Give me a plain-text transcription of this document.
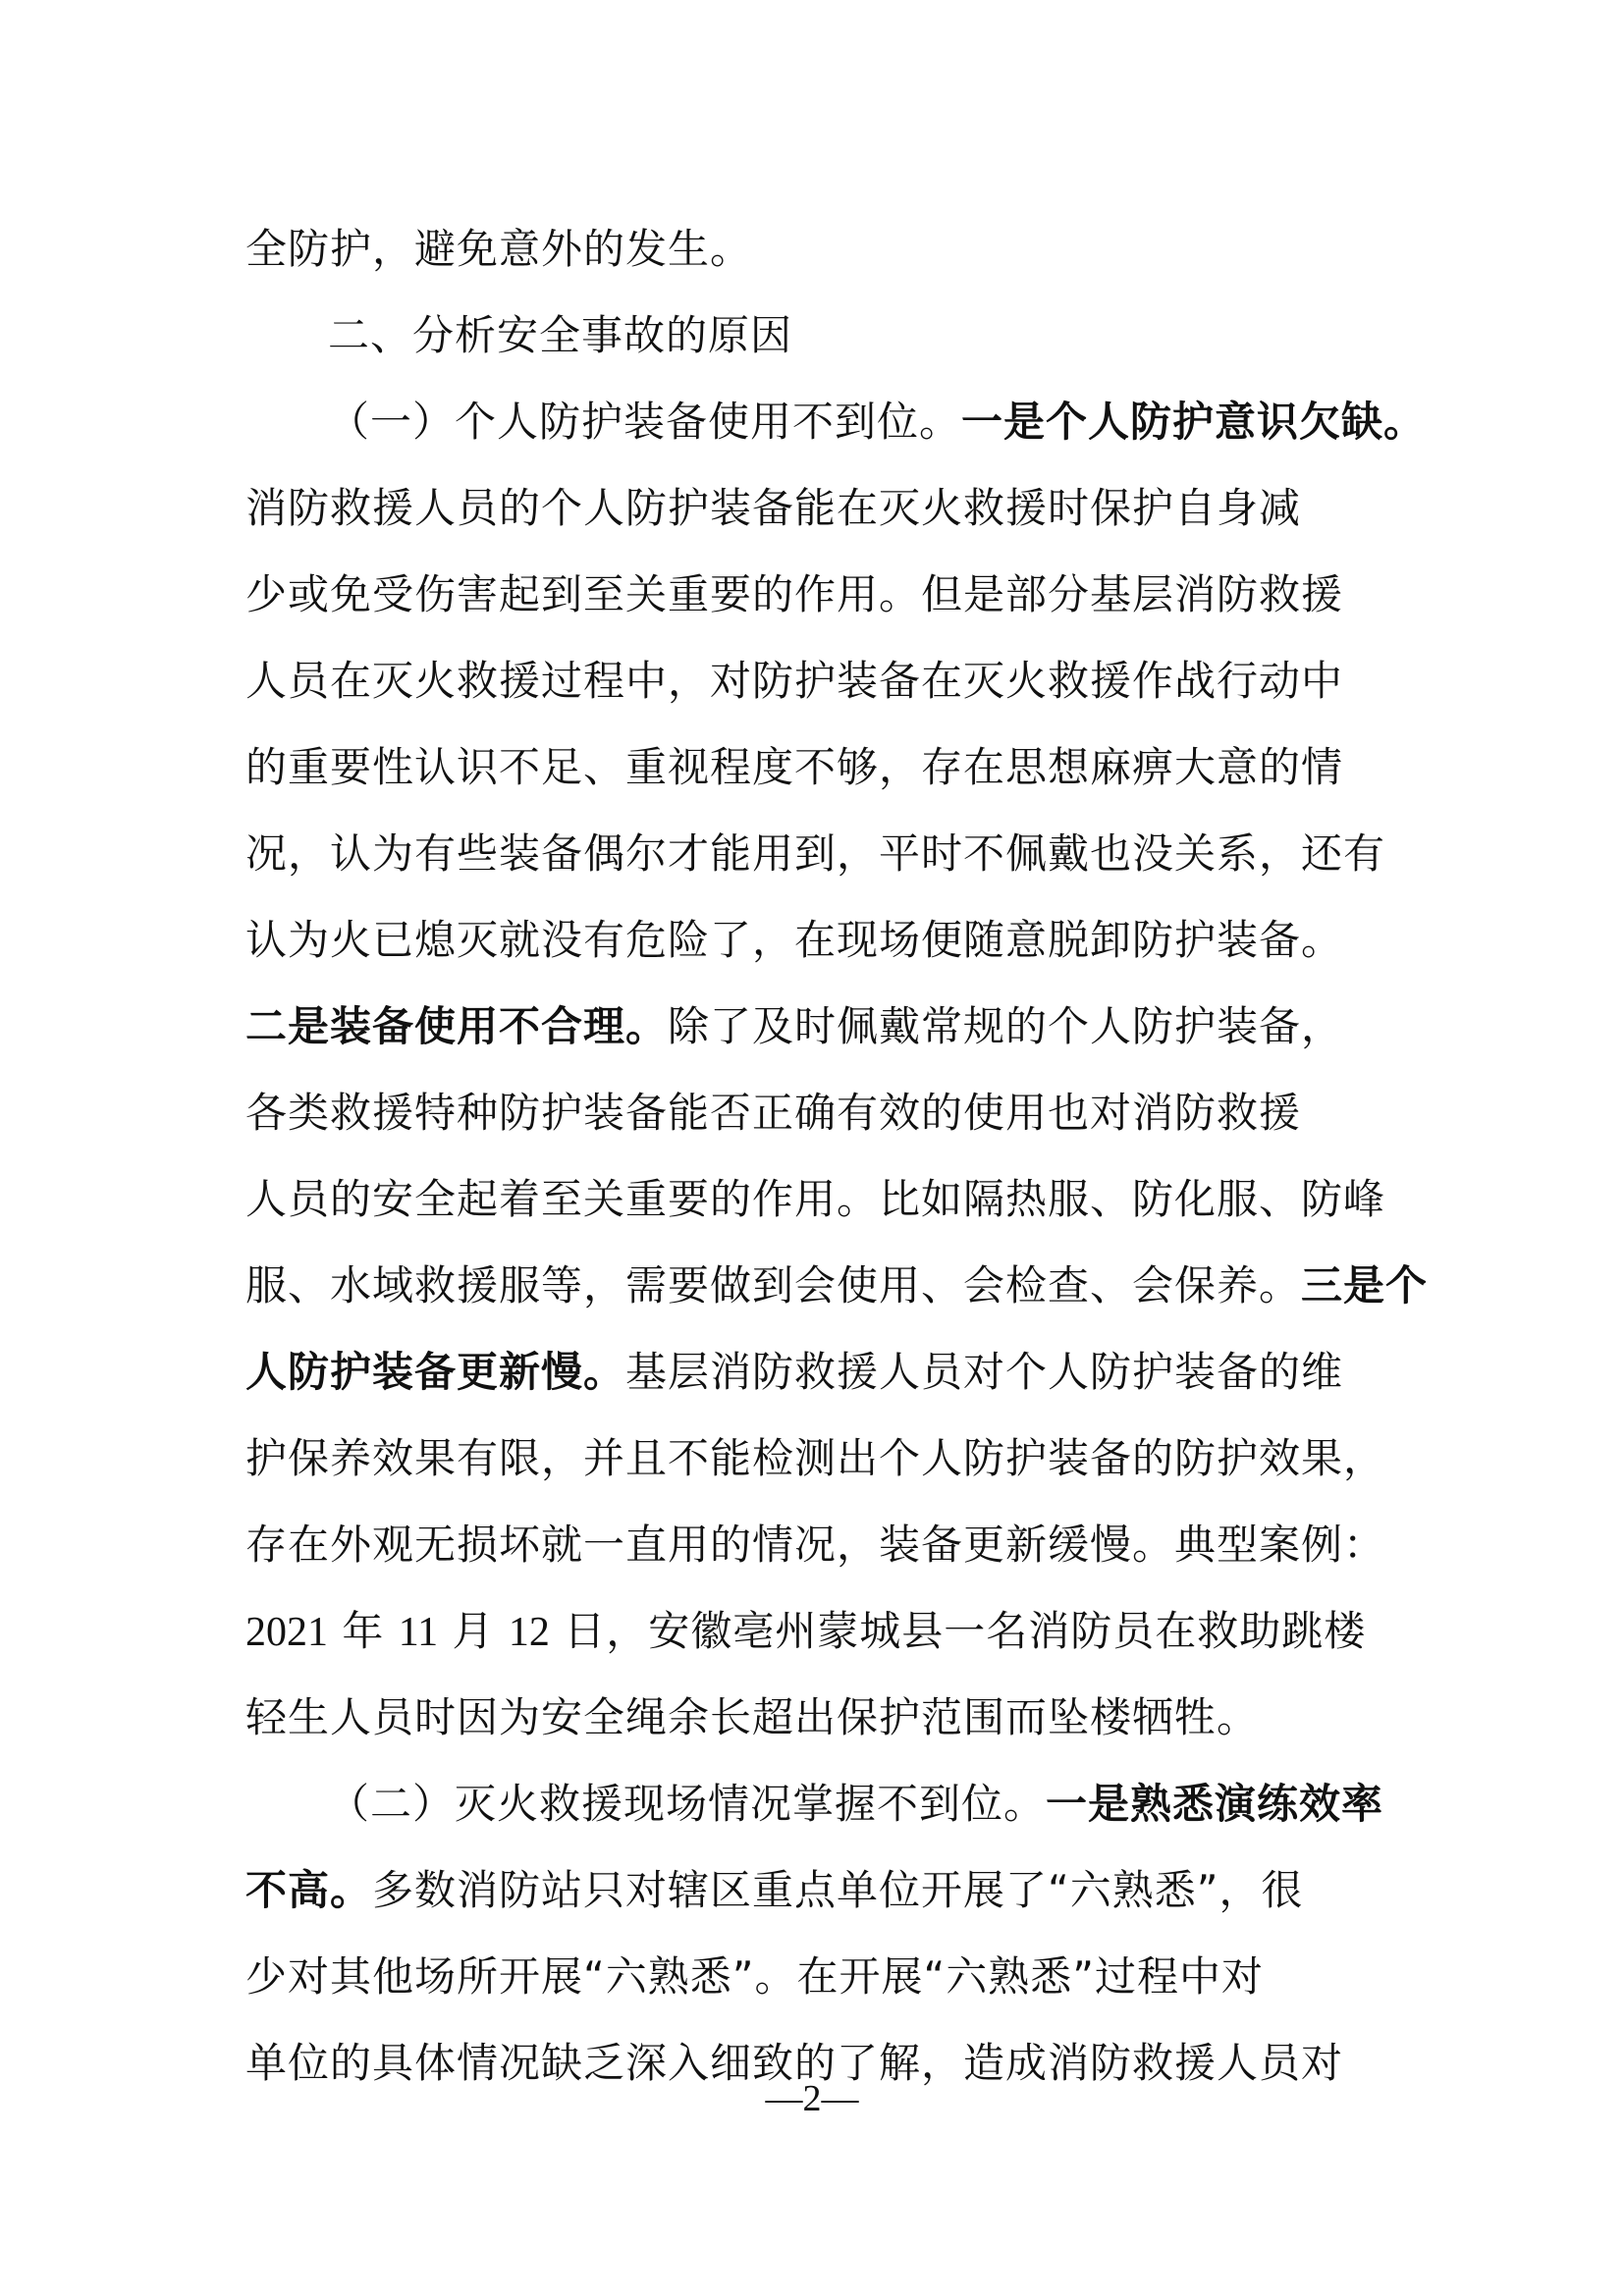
全防护，避免意外的发生。
二、分析安全事故的原因
（一）个人防护装备使用不到位。一是个人防护意识欠缺。
消防救援人员的个人防护装备能在灭火救援时保护自身减
少或免受伤害起到至关重要的作用。但是部分基层消防救援
人员在灭火救援过程中，对防护装备在灭火救援作战行动中
的重要性认识不足、重视程度不够，存在思想麻痹大意的情
况，认为有些装备偶尔才能用到，平时不佩戴也没关系，还有
认为火已熄灭就没有危险了，在现场便随意脱卸防护装备。
二是装备使用不合理。除了及时佩戴常规的个人防护装备，
各类救援特种防护装备能否正确有效的使用也对消防救援
人员的安全起着至关重要的作用。比如隔热服、防化服、防峰
服、水域救援服等，需要做到会使用、会检查、会保养。三是个
人防护装备更新慢。基层消防救援人员对个人防护装备的维
护保养效果有限，并且不能检测出个人防护装备的防护效果，
存在外观无损坏就一直用的情况，装备更新缓慢。典型案例：
2021 年 11 月 12 日，安徽亳州蒙城县一名消防员在救助跳楼
轻生人员时因为安全绳余长超出保护范围而坠楼牺牲。
（二）灭火救援现场情况掌握不到位。一是熟悉演练效率
不高。多数消防站只对辖区重点单位开展了“六熟悉”，很
少对其他场所开展“六熟悉”。在开展“六熟悉”过程中对
单位的具体情况缺乏深入细致的了解，造成消防救援人员对
—2—
